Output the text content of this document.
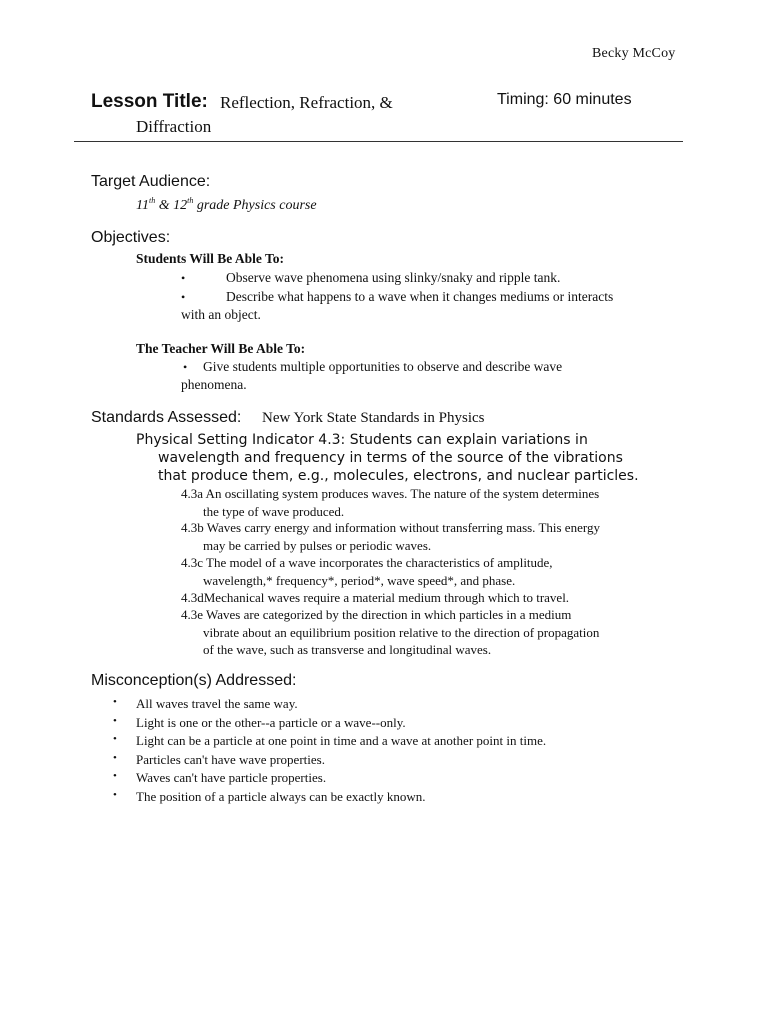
Becky McCoy
Lesson Title: Reflection, Refraction, &
Diffraction
Timing: 60 minutes
Target Audience:
11th & 12th grade Physics course
Objectives:
Students Will Be Able To:
•	Observe wave phenomena using slinky/snaky and ripple tank.
•	Describe what happens to a wave when it changes mediums or interacts
with an object.
The Teacher Will Be Able To:
• Give students multiple opportunities to observe and describe wave
phenomena.
Standards Assessed: New York State Standards in Physics
Physical Setting Indicator 4.3: Students can explain variations in
wavelength and frequency in terms of the source of the vibrations
that produce them, e.g., molecules, electrons, and nuclear particles.
4.3a An oscillating system produces waves. The nature of the system determines
the type of wave produced.
4.3b Waves carry energy and information without transferring mass. This energy
may be carried by pulses or periodic waves.
4.3c The model of a wave incorporates the characteristics of amplitude,
wavelength,* frequency*, period*, wave speed*, and phase.
4.3dMechanical waves require a material medium through which to travel.
4.3e Waves are categorized by the direction in which particles in a medium
vibrate about an equilibrium position relative to the direction of propagation
of the wave, such as transverse and longitudinal waves.
Misconception(s) Addressed:
• All waves travel the same way.
• Light is one or the other--a particle or a wave--only.
• Light can be a particle at one point in time and a wave at another point in time.
• Particles can't have wave properties.
• Waves can't have particle properties.
• The position of a particle always can be exactly known.
